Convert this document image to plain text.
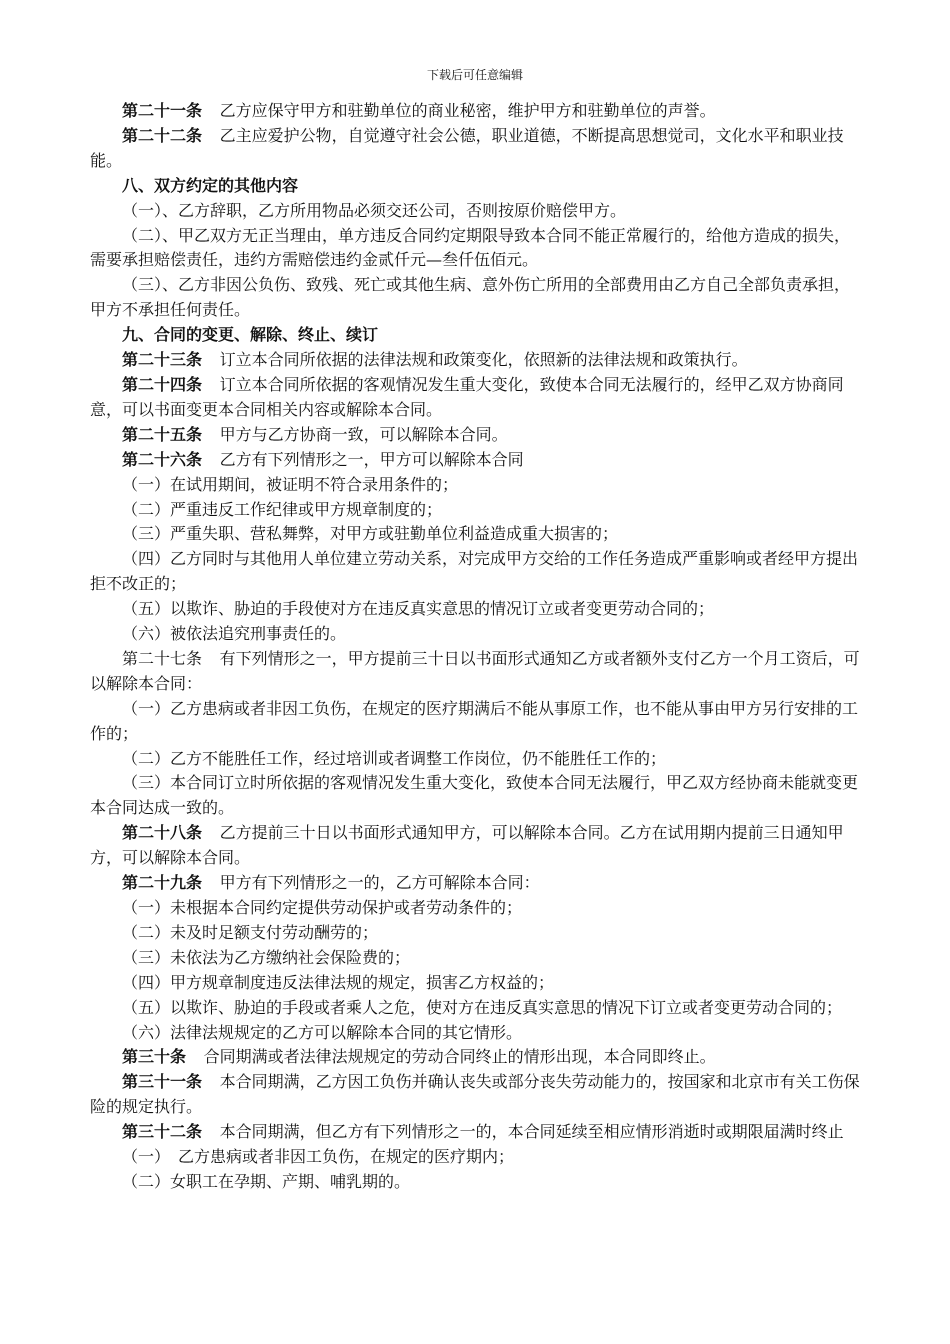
下载后可任意编辑

第二十一条 乙方应保守甲方和驻勤单位的商业秘密，维护甲方和驻勤单位的声誉。

第二十二条 乙主应爱护公物，自觉遵守社会公德，职业道德，不断提高思想觉司，文化水平和职业技能。

八、双方约定的其他内容

（一）、乙方辞职，乙方所用物品必须交还公司，否则按原价赔偿甲方。

（二）、甲乙双方无正当理由，单方违反合同约定期限导致本合同不能正常履行的，给他方造成的损失，需要承担赔偿责任，违约方需赔偿违约金贰仟元—叁仟伍佰元。

（三）、乙方非因公负伤、致残、死亡或其他生病、意外伤亡所用的全部费用由乙方自己全部负责承担，甲方不承担任何责任。

九、合同的变更、解除、终止、续订

第二十三条 订立本合同所依据的法律法规和政策变化，依照新的法律法规和政策执行。

第二十四条 订立本合同所依据的客观情况发生重大变化，致使本合同无法履行的，经甲乙双方协商同意，可以书面变更本合同相关内容或解除本合同。

第二十五条 甲方与乙方协商一致，可以解除本合同。

第二十六条 乙方有下列情形之一，甲方可以解除本合同

（一）在试用期间，被证明不符合录用条件的；

（二）严重违反工作纪律或甲方规章制度的；

（三）严重失职、营私舞弊，对甲方或驻勤单位利益造成重大损害的；

（四）乙方同时与其他用人单位建立劳动关系，对完成甲方交给的工作任务造成严重影响或者经甲方提出拒不改正的；

（五）以欺诈、胁迫的手段使对方在违反真实意思的情况订立或者变更劳动合同的；

（六）被依法追究刑事责任的。

第二十七条 有下列情形之一，甲方提前三十日以书面形式通知乙方或者额外支付乙方一个月工资后，可以解除本合同：

（一）乙方患病或者非因工负伤，在规定的医疗期满后不能从事原工作，也不能从事由甲方另行安排的工作的；

（二）乙方不能胜任工作，经过培训或者调整工作岗位，仍不能胜任工作的；

（三）本合同订立时所依据的客观情况发生重大变化，致使本合同无法履行，甲乙双方经协商未能就变更本合同达成一致的。

第二十八条 乙方提前三十日以书面形式通知甲方，可以解除本合同。乙方在试用期内提前三日通知甲方，可以解除本合同。

第二十九条 甲方有下列情形之一的，乙方可解除本合同：

（一）未根据本合同约定提供劳动保护或者劳动条件的；

（二）未及时足额支付劳动酬劳的；

（三）未依法为乙方缴纳社会保险费的；

（四）甲方规章制度违反法律法规的规定，损害乙方权益的；

（五）以欺诈、胁迫的手段或者乘人之危，使对方在违反真实意思的情况下订立或者变更劳动合同的；

（六）法律法规规定的乙方可以解除本合同的其它情形。

第三十条 合同期满或者法律法规规定的劳动合同终止的情形出现，本合同即终止。

第三十一条 本合同期满，乙方因工负伤并确认丧失或部分丧失劳动能力的，按国家和北京市有关工伤保险的规定执行。

第三十二条 本合同期满，但乙方有下列情形之一的，本合同延续至相应情形消逝时或期限届满时终止

（一）　乙方患病或者非因工负伤，在规定的医疗期内；

（二）女职工在孕期、产期、哺乳期的。
